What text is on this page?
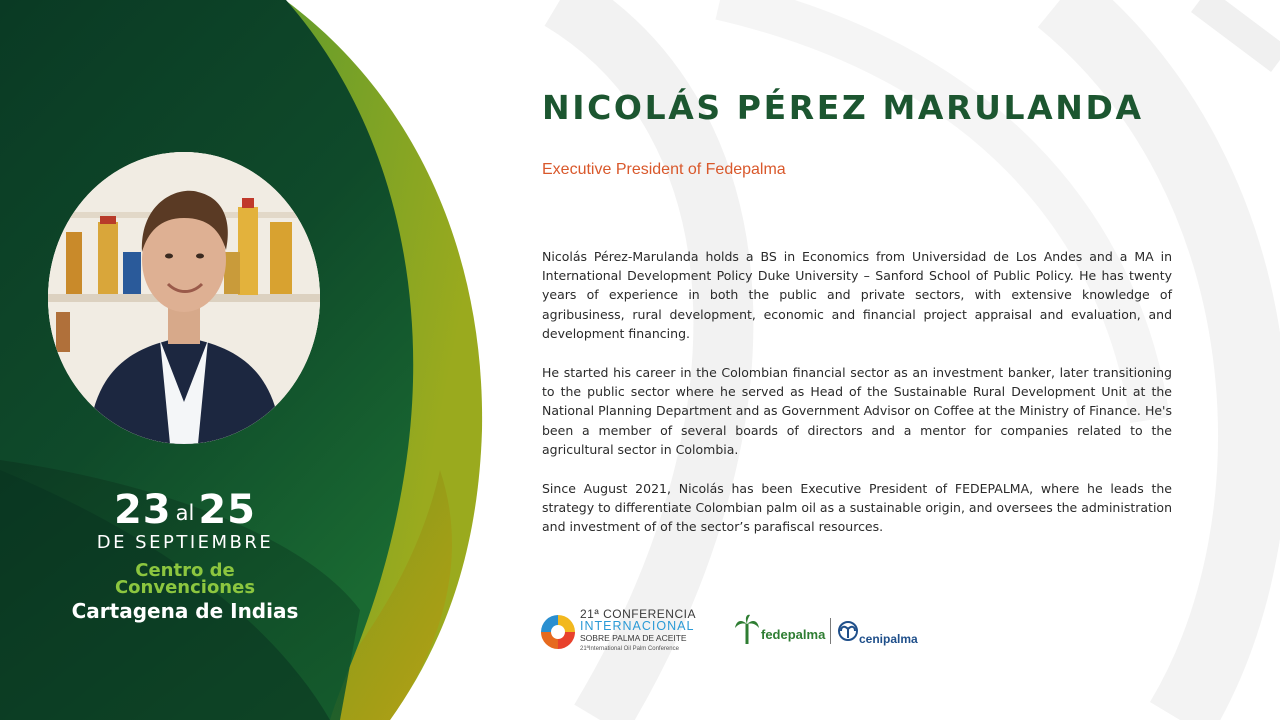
23 al 25
DE SEPTIEMBRE
Centro de
Convenciones
Cartagena de Indias
NICOLÁS PÉREZ MARULANDA
Executive President of Fedepalma

Nicolás Pérez-Marulanda holds a BS in Economics from Universidad de Los Andes and a MA in International Development Policy Duke University – Sanford School of Public Policy. He has twenty years of experience in both the public and private sectors, with extensive knowledge of agribusiness, rural development, economic and financial project appraisal and evaluation, and development financing.

He started his career in the Colombian financial sector as an investment banker, later transitioning to the public sector where he served as Head of the Sustainable Rural Development Unit at the National Planning Department and as Government Advisor on Coffee at the Ministry of Finance. He's been a member of several boards of directors and a mentor for companies related to the agricultural sector in Colombia.

Since August 2021, Nicolás has been Executive President of FEDEPALMA, where he leads the strategy to differentiate Colombian palm oil as a sustainable origin, and oversees the administration and investment of of the sector’s parafiscal resources.

21ª CONFERENCIA
INTERNACIONAL
SOBRE PALMA DE ACEITE
21ªInternational Oil Palm Conference
fedepalma	cenipalma
